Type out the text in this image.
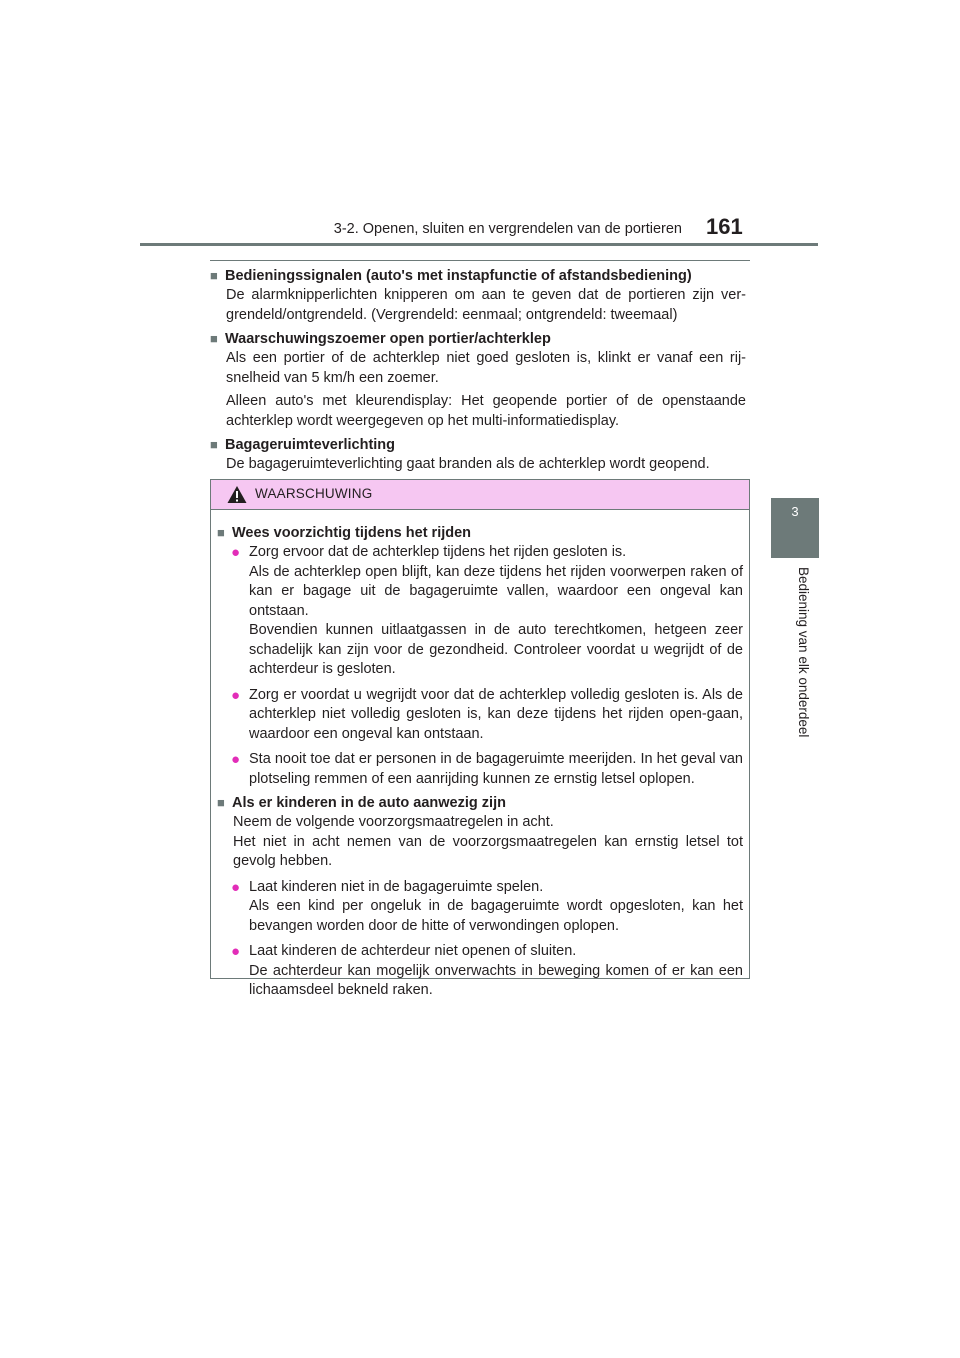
3-2. Openen, sluiten en vergrendelen van de portieren 161
3
Bediening van elk onderdeel

■ Bedieningssignalen (auto's met instapfunctie of afstandsbediening)

De alarmknipperlichten knipperen om aan te geven dat de portieren zijn ver-grendeld/ontgrendeld. (Vergrendeld: eenmaal; ontgrendeld: tweemaal)

■ Waarschuwingszoemer open portier/achterklep

Als een portier of de achterklep niet goed gesloten is, klinkt er vanaf een rij-snelheid van 5 km/h een zoemer.

Alleen auto's met kleurendisplay: Het geopende portier of de openstaande achterklep wordt weergegeven op het multi-informatiedisplay.

■ Bagageruimteverlichting

De bagageruimteverlichting gaat branden als de achterklep wordt geopend.

WAARSCHUWING

■ Wees voorzichtig tijdens het rijden

● Zorg ervoor dat de achterklep tijdens het rijden gesloten is.

Als de achterklep open blijft, kan deze tijdens het rijden voorwerpen raken of kan er bagage uit de bagageruimte vallen, waardoor een ongeval kan ontstaan.

Bovendien kunnen uitlaatgassen in de auto terechtkomen, hetgeen zeer schadelijk kan zijn voor de gezondheid. Controleer voordat u wegrijdt of de achterdeur is gesloten.

● Zorg er voordat u wegrijdt voor dat de achterklep volledig gesloten is. Als de achterklep niet volledig gesloten is, kan deze tijdens het rijden open-gaan, waardoor een ongeval kan ontstaan.

● Sta nooit toe dat er personen in de bagageruimte meerijden. In het geval van plotseling remmen of een aanrijding kunnen ze ernstig letsel oplopen.

■ Als er kinderen in de auto aanwezig zijn

Neem de volgende voorzorgsmaatregelen in acht.

Het niet in acht nemen van de voorzorgsmaatregelen kan ernstig letsel tot gevolg hebben.

● Laat kinderen niet in de bagageruimte spelen.

Als een kind per ongeluk in de bagageruimte wordt opgesloten, kan het bevangen worden door de hitte of verwondingen oplopen.

● Laat kinderen de achterdeur niet openen of sluiten.

De achterdeur kan mogelijk onverwachts in beweging komen of er kan een lichaamsdeel bekneld raken.
